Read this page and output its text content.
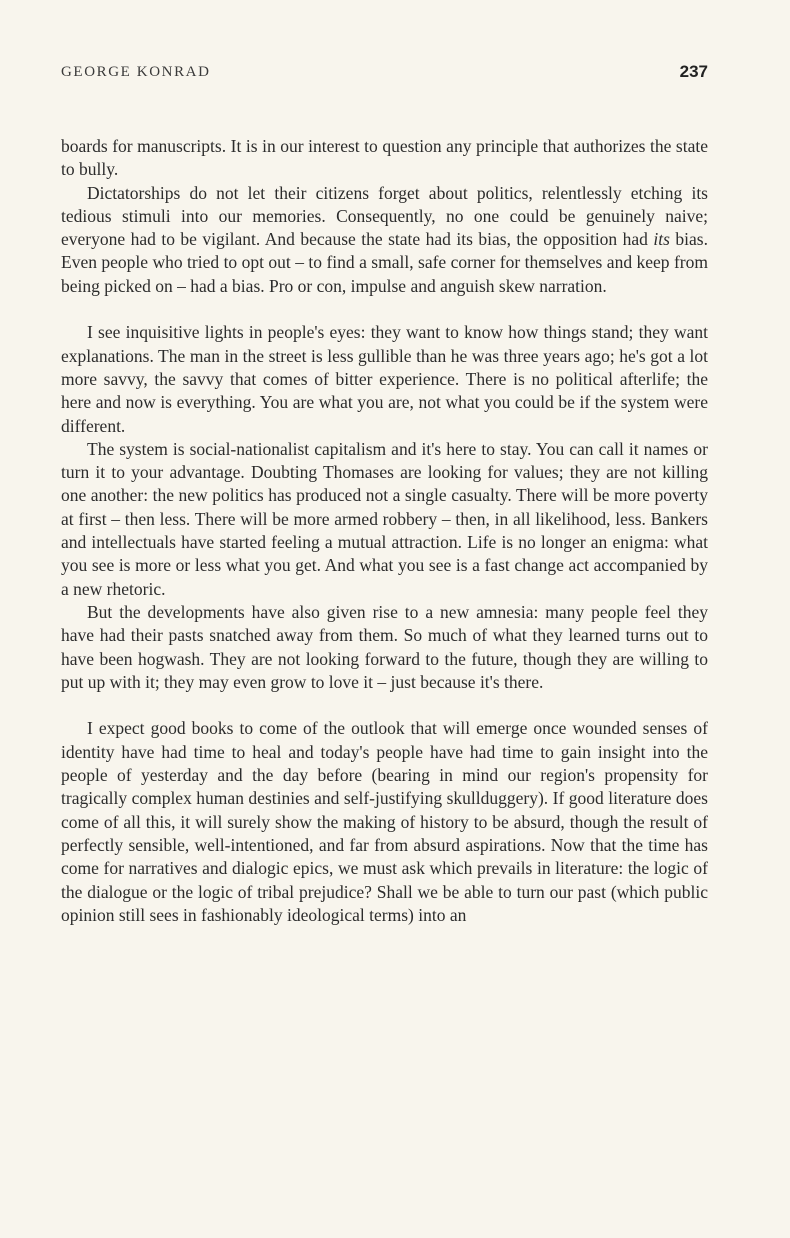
GEORGE KONRAD	237

boards for manuscripts. It is in our interest to question any principle that authorizes the state to bully.

Dictatorships do not let their citizens forget about politics, relentlessly etching its tedious stimuli into our memories. Consequently, no one could be genuinely naive; everyone had to be vigilant. And because the state had its bias, the opposition had its bias. Even people who tried to opt out – to find a small, safe corner for themselves and keep from being picked on – had a bias. Pro or con, impulse and anguish skew narration.

I see inquisitive lights in people's eyes: they want to know how things stand; they want explanations. The man in the street is less gullible than he was three years ago; he's got a lot more savvy, the savvy that comes of bitter experience. There is no political afterlife; the here and now is everything. You are what you are, not what you could be if the system were different.

The system is social-nationalist capitalism and it's here to stay. You can call it names or turn it to your advantage. Doubting Thomases are looking for values; they are not killing one another: the new politics has produced not a single casualty. There will be more poverty at first – then less. There will be more armed robbery – then, in all likelihood, less. Bankers and intellectuals have started feeling a mutual attraction. Life is no longer an enigma: what you see is more or less what you get. And what you see is a fast change act accompanied by a new rhetoric.

But the developments have also given rise to a new amnesia: many people feel they have had their pasts snatched away from them. So much of what they learned turns out to have been hogwash. They are not looking forward to the future, though they are willing to put up with it; they may even grow to love it – just because it's there.

I expect good books to come of the outlook that will emerge once wounded senses of identity have had time to heal and today's people have had time to gain insight into the people of yesterday and the day before (bearing in mind our region's propensity for tragically complex human destinies and self-justifying skullduggery). If good literature does come of all this, it will surely show the making of history to be absurd, though the result of perfectly sensible, well-intentioned, and far from absurd aspirations. Now that the time has come for narratives and dialogic epics, we must ask which prevails in literature: the logic of the dialogue or the logic of tribal prejudice? Shall we be able to turn our past (which public opinion still sees in fashionably ideological terms) into an
